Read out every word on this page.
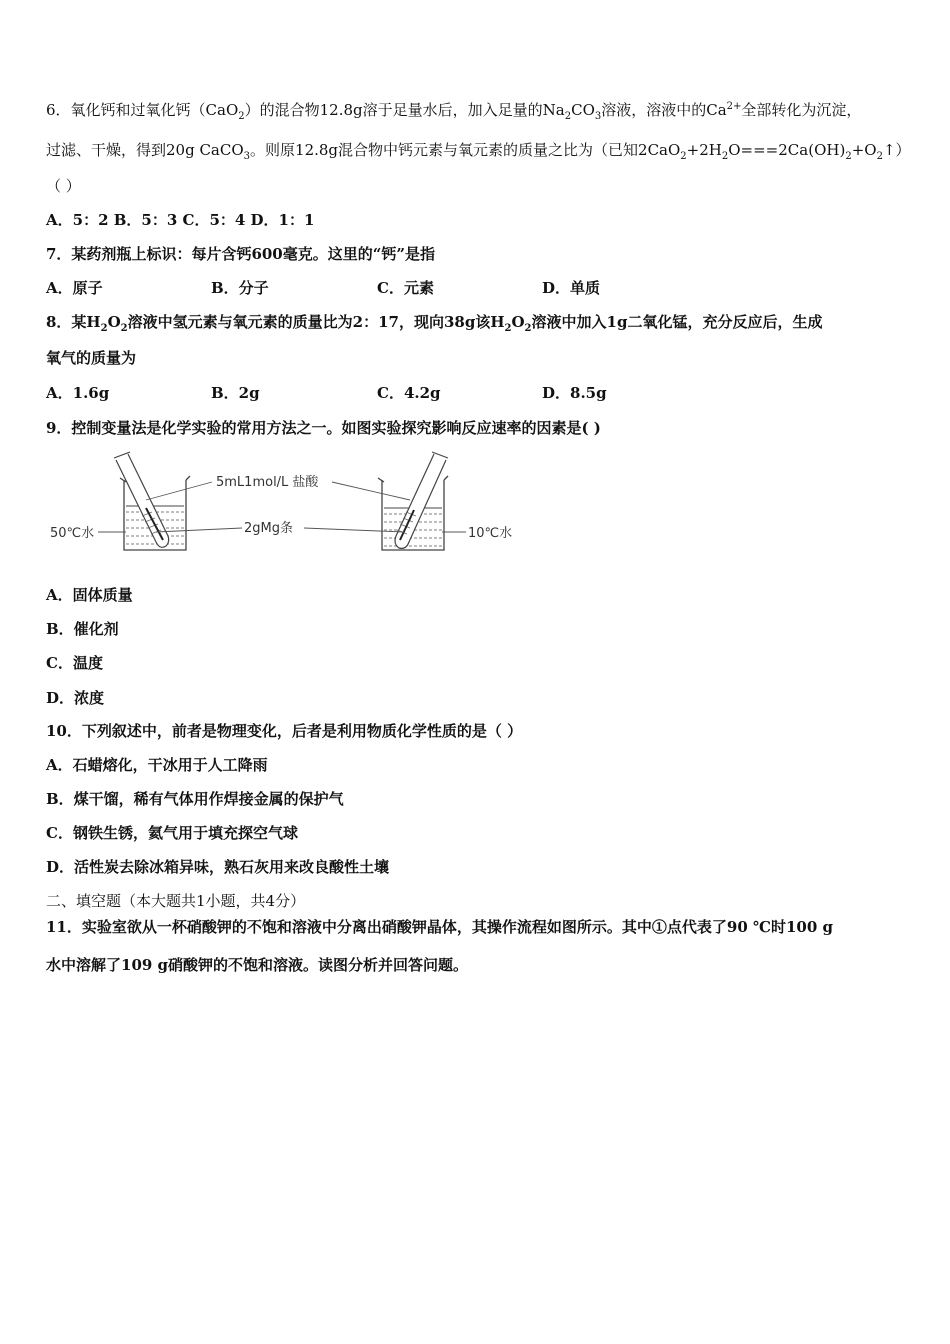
6．氧化钙和过氧化钙（CaO$_2$）的混合物12.8g溶于足量水后，加入足量的$Na_2CO_3$溶液，溶液中的$Ca^{2+}$全部转化为沉淀，
过滤、干燥，得到20g CaCO$_3$。则原12.8g混合物中钙元素与氧元素的质量之比为（已知$2CaO_2+2H_2O===2Ca(OH)_2+O_2↑$）
（ ）
A．5：2 B．5：3 C．5：4 D．1：1
7．某药剂瓶上标识：每片含钙600毫克。这里的“钙”是指
A．原子	B．分子	C．元素	D．单质
8．某$H_2O_2$溶液中氢元素与氧元素的质量比为2：17，现向38g该$H_2O_2$溶液中加入1g二氧化锰，充分反应后，生成
氧气的质量为
A．1.6g	B．2g	C．4.2g	D．8.5g
9．控制变量法是化学实验的常用方法之一。如图实验探究影响反应速率的因素是( )
5mL1mol/L 盐酸
2gMg条
50℃水	10℃水
A．固体质量
B．催化剂
C．温度
D．浓度
10．下列叙述中，前者是物理变化，后者是利用物质化学性质的是（ ）
A．石蜡熔化，干冰用于人工降雨
B．煤干馏，稀有气体用作焊接金属的保护气
C．钢铁生锈，氦气用于填充探空气球
D．活性炭去除冰箱异味，熟石灰用来改良酸性土壤
二、填空题（本大题共1小题，共4分）
11．实验室欲从一杯硝酸钾的不饱和溶液中分离出硝酸钾晶体，其操作流程如图所示。其中①点代表了90 ℃时100 g
水中溶解了109 g硝酸钾的不饱和溶液。读图分析并回答问题。
